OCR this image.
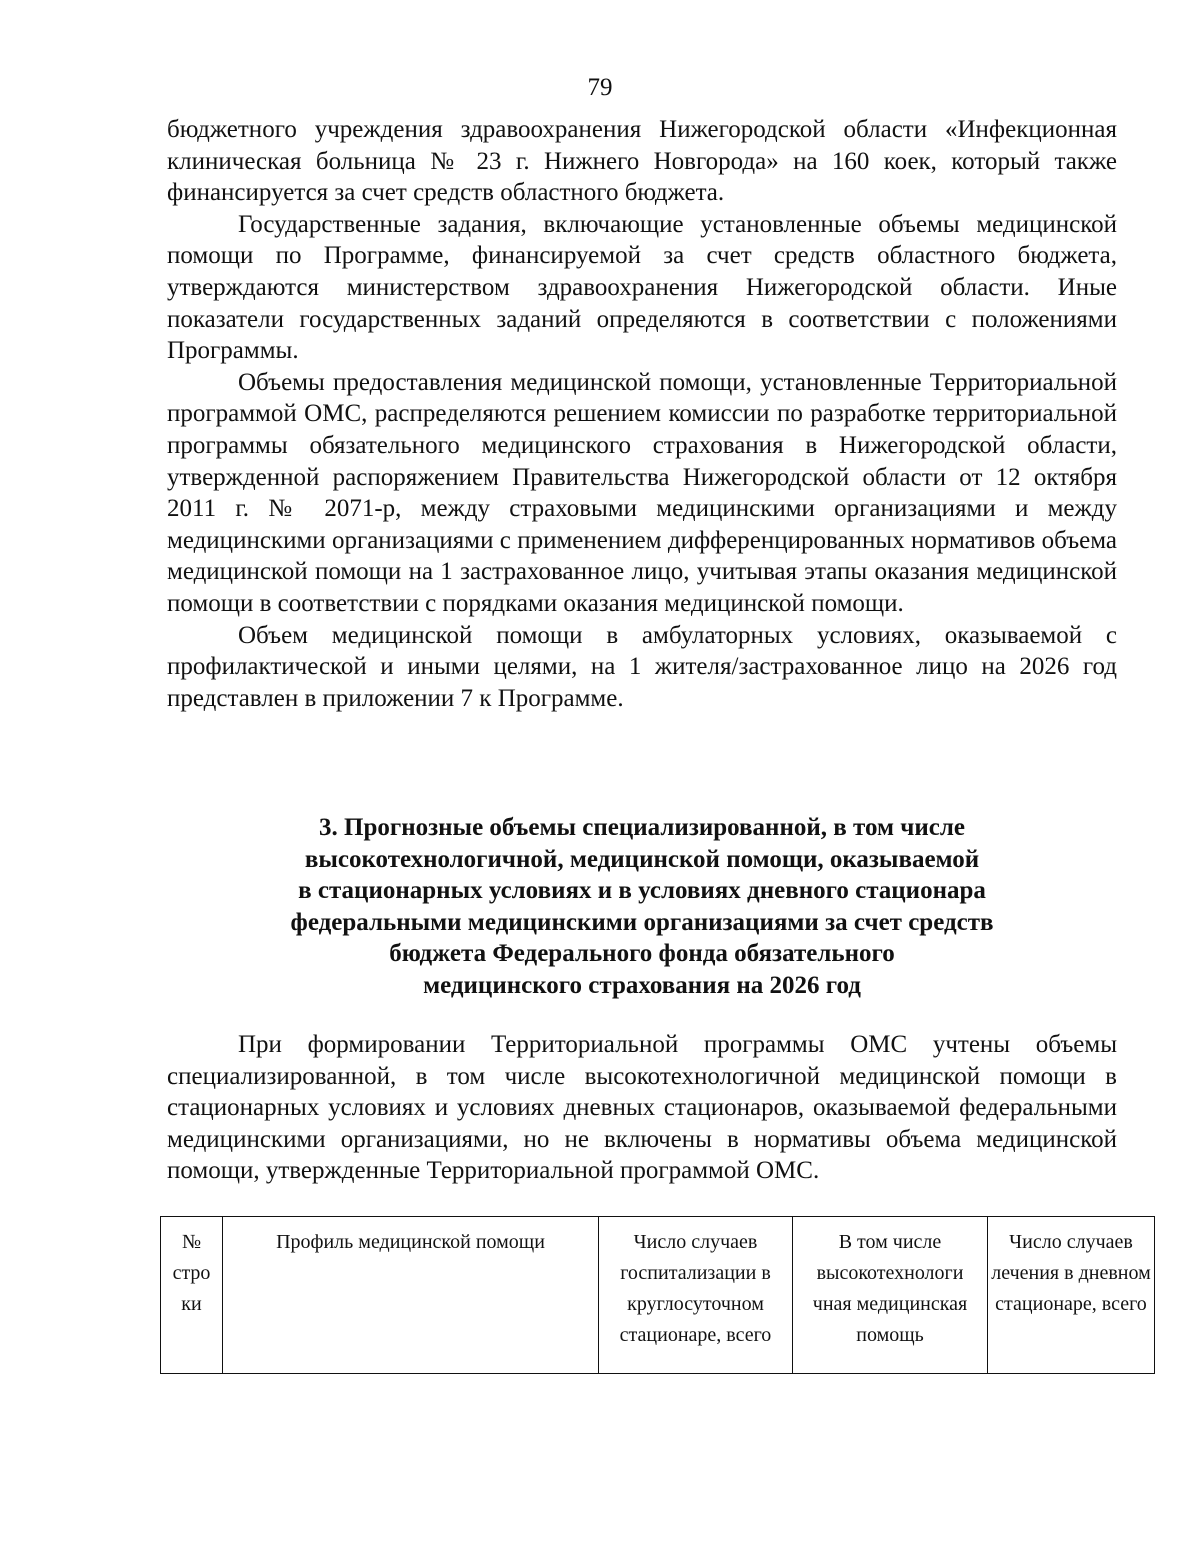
79

бюджетного учреждения здравоохранения Нижегородской области «Инфекционная клиническая больница № 23 г. Нижнего Новгорода» на 160 коек, который также финансируется за счет средств областного бюджета.

Государственные задания, включающие установленные объемы медицинской помощи по Программе, финансируемой за счет средств областного бюджета, утверждаются министерством здравоохранения Нижегородской области. Иные показатели государственных заданий определяются в соответствии с положениями Программы.

Объемы предоставления медицинской помощи, установленные Территориальной программой ОМС, распределяются решением комиссии по разработке территориальной программы обязательного медицинского страхования в Нижегородской области, утвержденной распоряжением Правительства Нижегородской области от 12 октября 2011 г. № 2071-р, между страховыми медицинскими организациями и между медицинскими организациями с применением дифференцированных нормативов объема медицинской помощи на 1 застрахованное лицо, учитывая этапы оказания медицинской помощи в соответствии с порядками оказания медицинской помощи.

Объем медицинской помощи в амбулаторных условиях, оказываемой с профилактической и иными целями, на 1 жителя/застрахованное лицо на 2026 год представлен в приложении 7 к Программе.

3. Прогнозные объемы специализированной, в том числе
высокотехнологичной, медицинской помощи, оказываемой
в стационарных условиях и в условиях дневного стационара
федеральными медицинскими организациями за счет средств
бюджета Федерального фонда обязательного
медицинского страхования на 2026 год

При формировании Территориальной программы ОМС учтены объемы специализированной, в том числе высокотехнологичной медицинской помощи в стационарных условиях и условиях дневных стационаров, оказываемой федеральными медицинскими организациями, но не включены в нормативы объема медицинской помощи, утвержденные Территориальной программой ОМС.

№ стро ки	Профиль медицинской помощи	Число случаев госпитализации в круглосуточном стационаре, всего	В том числе высокотехнологи чная медицинская помощь	Число случаев лечения в дневном стационаре, всего
